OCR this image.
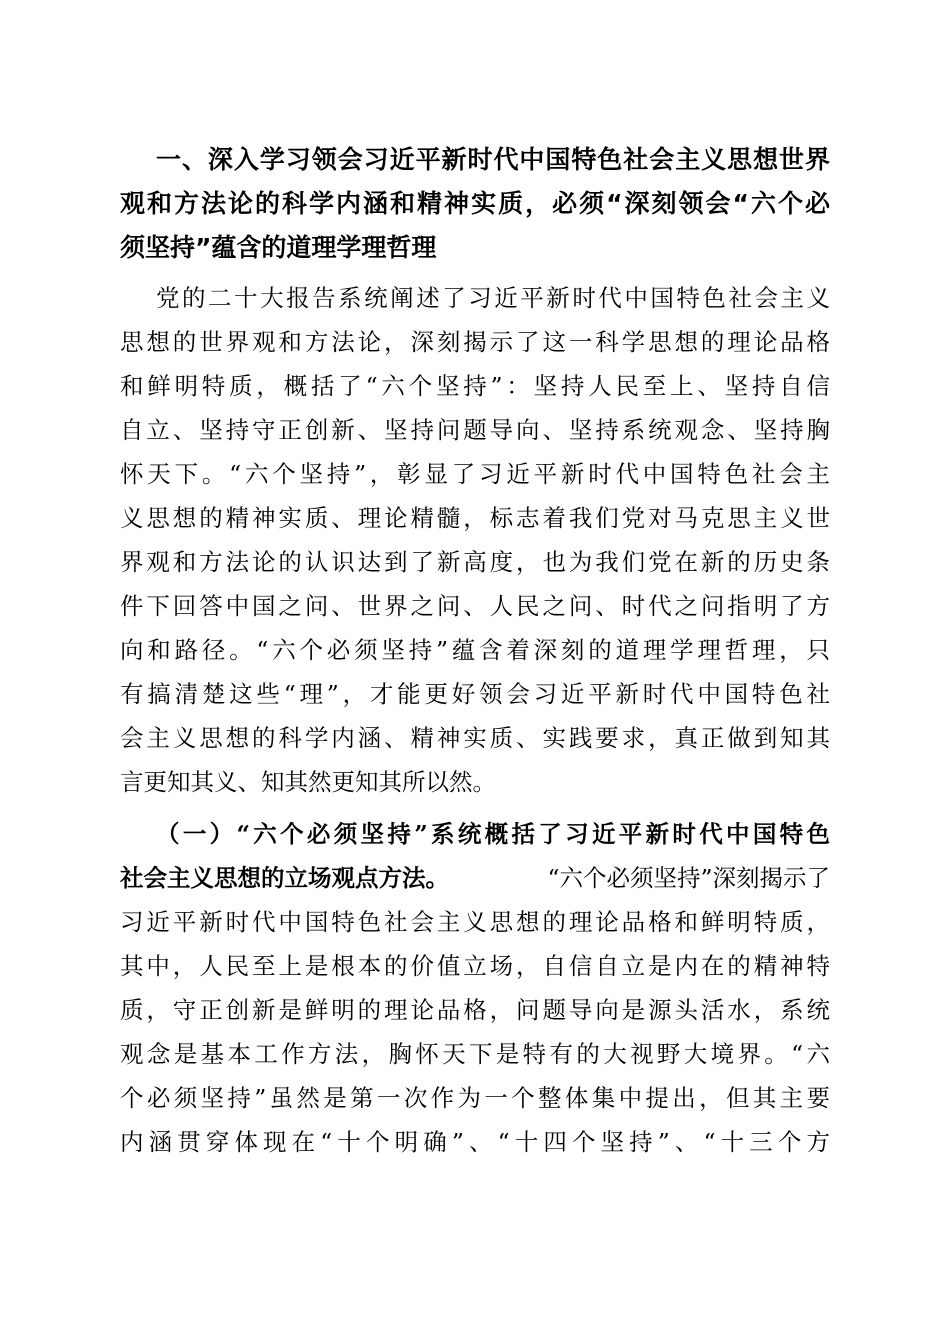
一、深入学习领会习近平新时代中国特色社会主义思想世界
观和方法论的科学内涵和精神实质，必须“深刻领会“六个必
须坚持”蕴含的道理学理哲理
党的二十大报告系统阐述了习近平新时代中国特色社会主义
思想的世界观和方法论，深刻揭示了这一科学思想的理论品格
和鲜明特质，概括了“六个坚持”：坚持人民至上、坚持自信
自立、坚持守正创新、坚持问题导向、坚持系统观念、坚持胸
怀天下。“六个坚持”，彰显了习近平新时代中国特色社会主
义思想的精神实质、理论精髓，标志着我们党对马克思主义世
界观和方法论的认识达到了新高度，也为我们党在新的历史条
件下回答中国之问、世界之问、人民之问、时代之问指明了方
向和路径。“六个必须坚持”蕴含着深刻的道理学理哲理，只
有搞清楚这些“理”，才能更好领会习近平新时代中国特色社
会主义思想的科学内涵、精神实质、实践要求，真正做到知其
言更知其义、知其然更知其所以然。
（一）“六个必须坚持”系统概括了习近平新时代中国特色
社会主义思想的立场观点方法。	“六个必须坚持”深刻揭示了
习近平新时代中国特色社会主义思想的理论品格和鲜明特质，
其中，人民至上是根本的价值立场，自信自立是内在的精神特
质，守正创新是鲜明的理论品格，问题导向是源头活水，系统
观念是基本工作方法，胸怀天下是特有的大视野大境界。“六
个必须坚持”虽然是第一次作为一个整体集中提出，但其主要
内涵贯穿体现在“十个明确”、“十四个坚持”、“十三个方
